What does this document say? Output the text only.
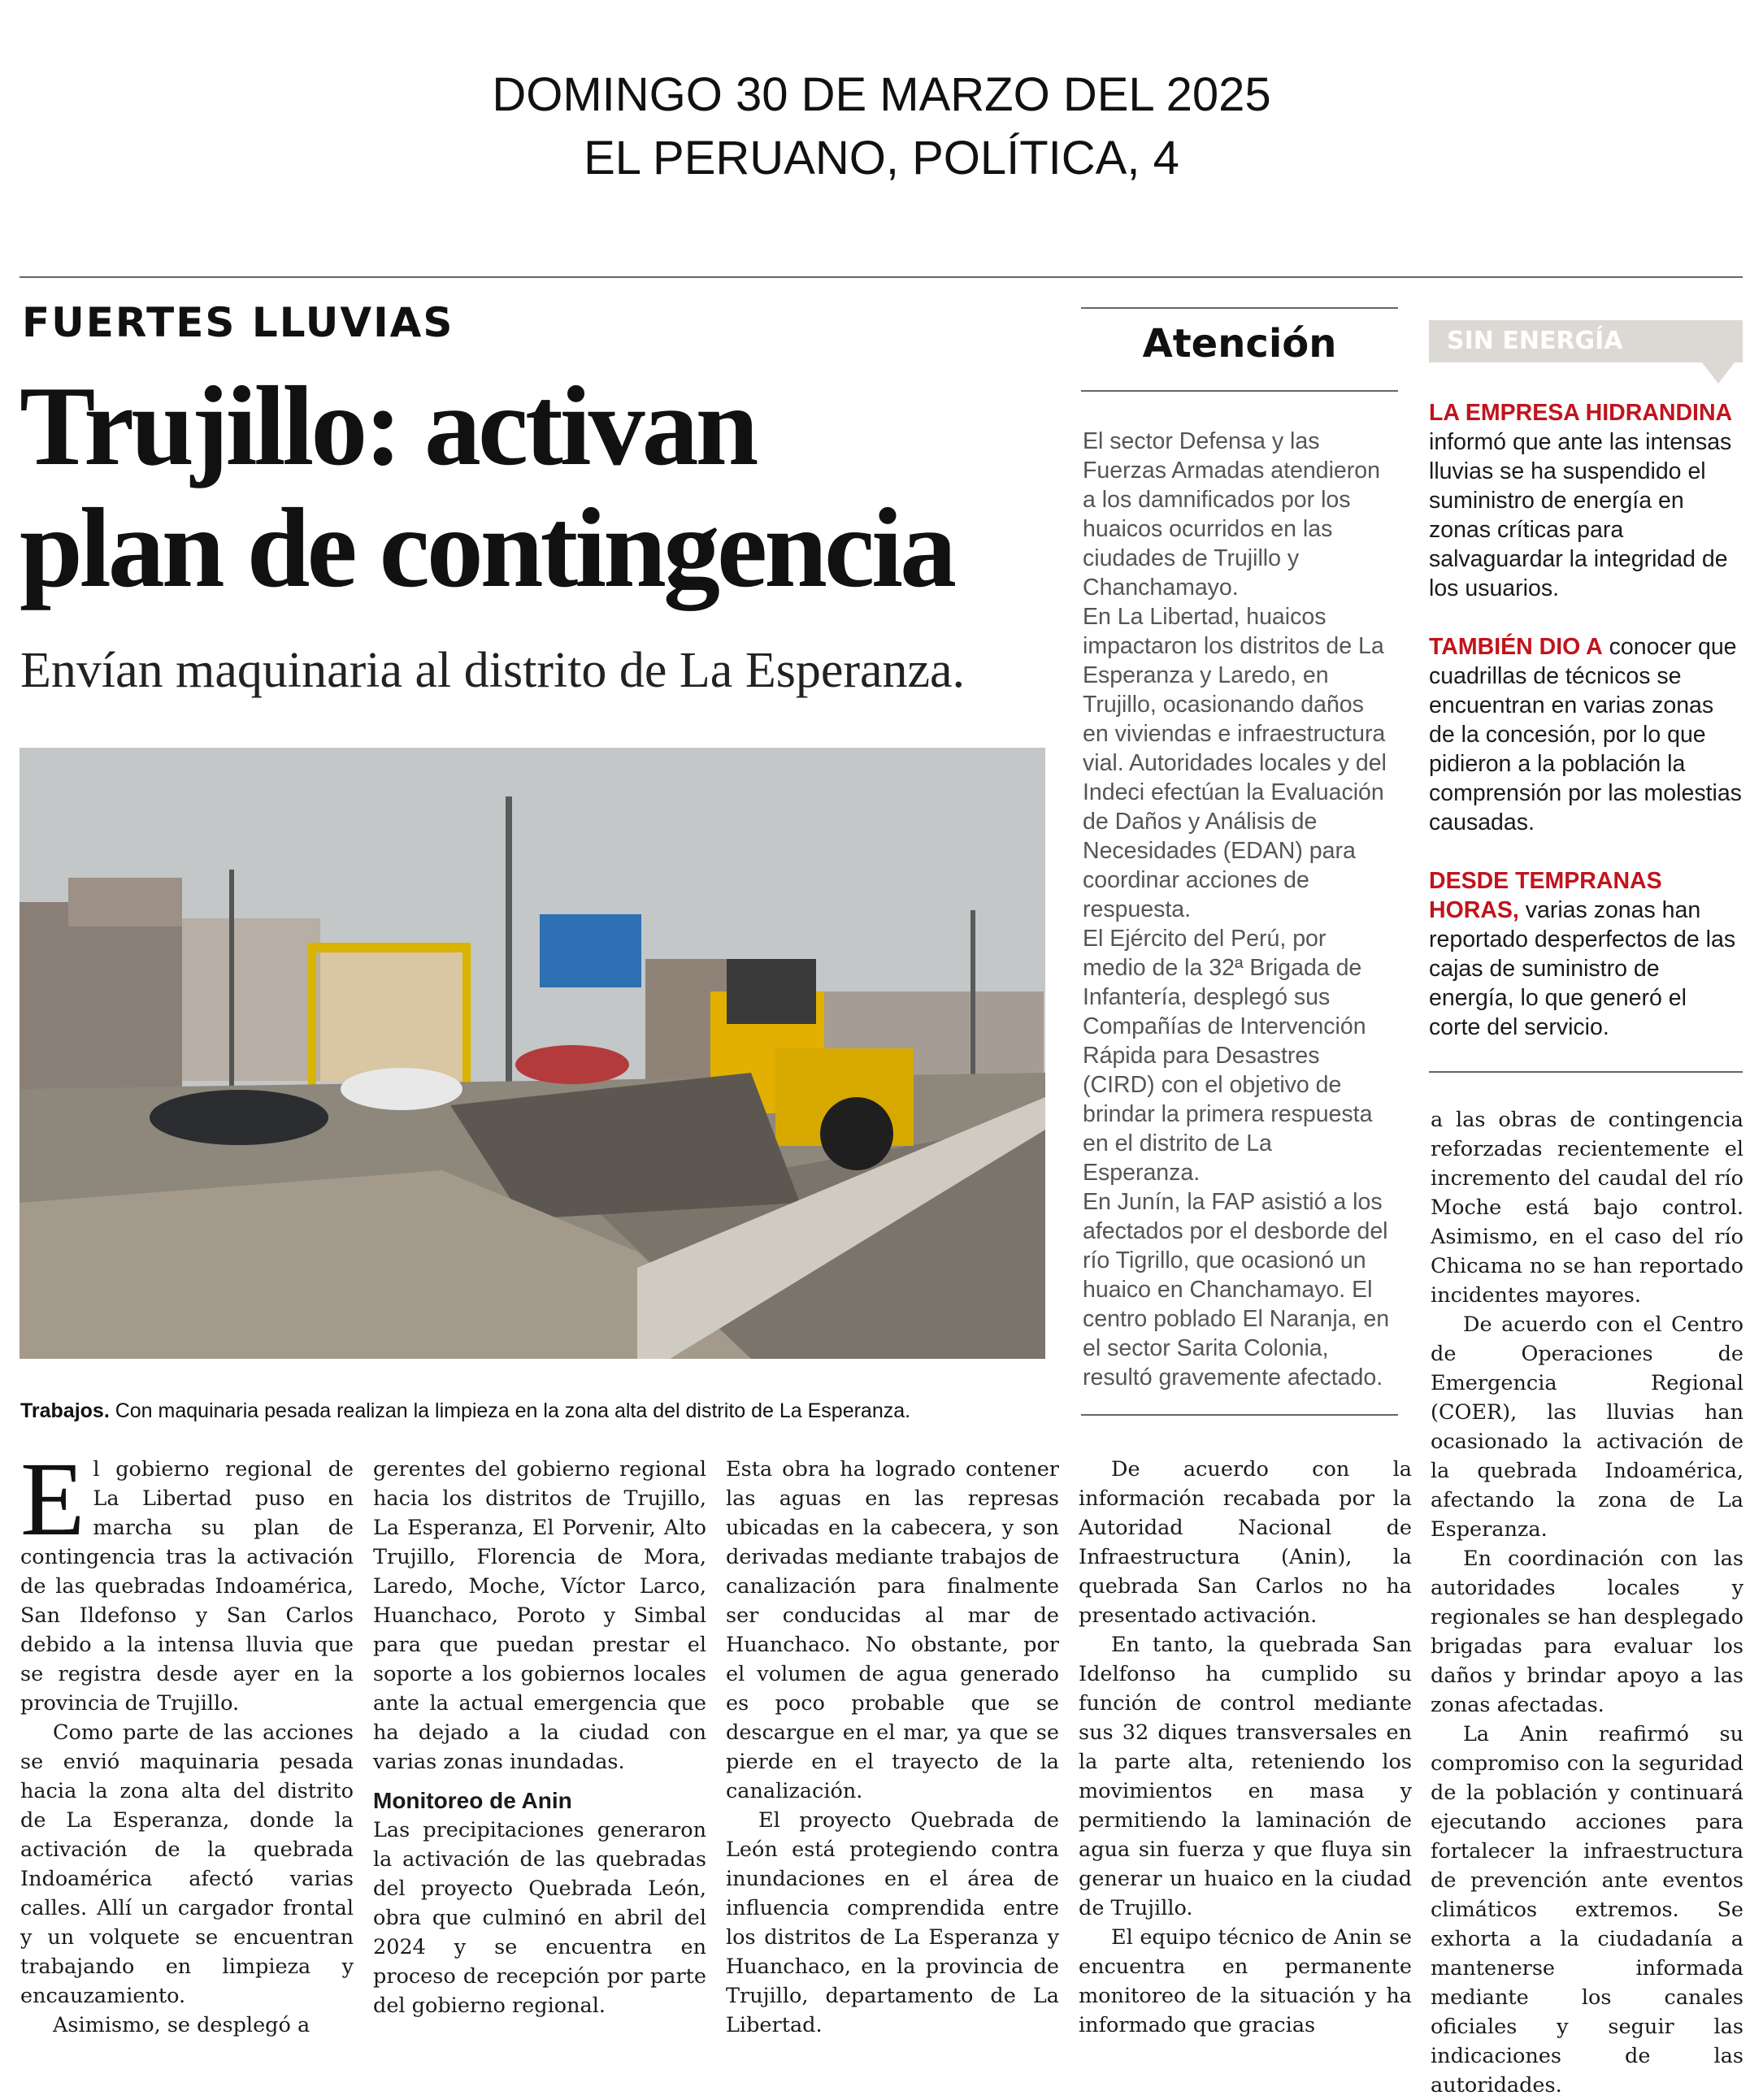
DOMINGO 30 DE MARZO DEL 2025
EL PERUANO, POLÍTICA, 4
FUERTES LLUVIAS
Trujillo: activan
plan de contingencia
Envían maquinaria al distrito de La Esperanza.
Trabajos. Con maquinaria pesada realizan la limpieza en la zona alta del distrito de La Esperanza.

El gobierno regional de La Libertad puso en marcha su plan de contingencia tras la activación de las quebradas Indoamérica, San Ildefonso y San Carlos debido a la intensa lluvia que se registra desde ayer en la provincia de Trujillo.

Como parte de las acciones se envió maquinaria pesada hacia la zona alta del distrito de La Esperanza, donde la activación de la quebrada Indoamérica afectó varias calles. Allí un cargador frontal y un volquete se encuentran trabajando en limpieza y encauzamiento.

Asimismo, se desplegó a

gerentes del gobierno regional hacia los distritos de Trujillo, La Esperanza, El Porvenir, Alto Trujillo, Florencia de Mora, Laredo, Moche, Víctor Larco, Huanchaco, Poroto y Simbal para que puedan prestar el soporte a los gobiernos locales ante la actual emergencia que ha dejado a la ciudad con varias zonas inundadas.

Monitoreo de Anin

Las precipitaciones generaron la activación de las quebradas del proyecto Quebrada León, obra que culminó en abril del 2024 y se encuentra en proceso de recepción por parte del gobierno regional.

Esta obra ha logrado contener las aguas en las represas ubicadas en la cabecera, y son derivadas mediante trabajos de canalización para finalmente ser conducidas al mar de Huanchaco. No obstante, por el volumen de agua generado es poco probable que se descargue en el mar, ya que se pierde en el trayecto de la canalización.

El proyecto Quebrada de León está protegiendo contra inundaciones en el área de influencia comprendida entre los distritos de La Esperanza y Huanchaco, en la provincia de Trujillo, departamento de La Libertad.

De acuerdo con la información recabada por la Autoridad Nacional de Infraestructura (Anin), la quebrada San Carlos no ha presentado activación.

En tanto, la quebrada San Idelfonso ha cumplido su función de control mediante sus 32 diques transversales en la parte alta, reteniendo los movimientos en masa y permitiendo la laminación de agua sin fuerza y que fluya sin generar un huaico en la ciudad de Trujillo.

El equipo técnico de Anin se encuentra en permanente monitoreo de la situación y ha informado que gracias

a las obras de contingencia reforzadas recientemente el incremento del caudal del río Moche está bajo control. Asimismo, en el caso del río Chicama no se han reportado incidentes mayores.

De acuerdo con el Centro de Operaciones de Emergencia Regional (COER), las lluvias han ocasionado la activación de la quebrada Indoamérica, afectando la zona de La Esperanza.

En coordinación con las autoridades locales y regionales se han desplegado brigadas para evaluar los daños y brindar apoyo a las zonas afectadas.

La Anin reafirmó su compromiso con la seguridad de la población y continuará ejecutando acciones para fortalecer la infraestructura de prevención ante eventos climáticos extremos. Se exhorta a la ciudadanía a mantenerse informada mediante los canales oficiales y seguir las indicaciones de las autoridades.

Atención
El sector Defensa y las Fuerzas Armadas atendieron a los damnificados por los huaicos ocurridos en las ciudades de Trujillo y Chanchamayo.
En La Libertad, huaicos impactaron los distritos de La Esperanza y Laredo, en Trujillo, ocasionando daños en viviendas e infraestructura vial. Autoridades locales y del Indeci efectúan la Evaluación de Daños y Análisis de Necesidades (EDAN) para coordinar acciones de respuesta.
El Ejército del Perú, por medio de la 32ª Brigada de Infantería, desplegó sus Compañías de Intervención Rápida para Desastres (CIRD) con el objetivo de brindar la primera respuesta en el distrito de La Esperanza.
En Junín, la FAP asistió a los afectados por el desborde del río Tigrillo, que ocasionó un huaico en Chanchamayo. El centro poblado El Naranja, en el sector Sarita Colonia, resultó gravemente afectado.
SIN ENERGÍA

LA EMPRESA HIDRANDINA informó que ante las intensas lluvias se ha suspendido el suministro de energía en zonas críticas para salvaguardar la integridad de los usuarios.

TAMBIÉN DIO A conocer que cuadrillas de técnicos se encuentran en varias zonas de la concesión, por lo que pidieron a la población la comprensión por las molestias causadas.

DESDE TEMPRANAS HORAS, varias zonas han reportado desperfectos de las cajas de suministro de energía, lo que generó el corte del servicio.
